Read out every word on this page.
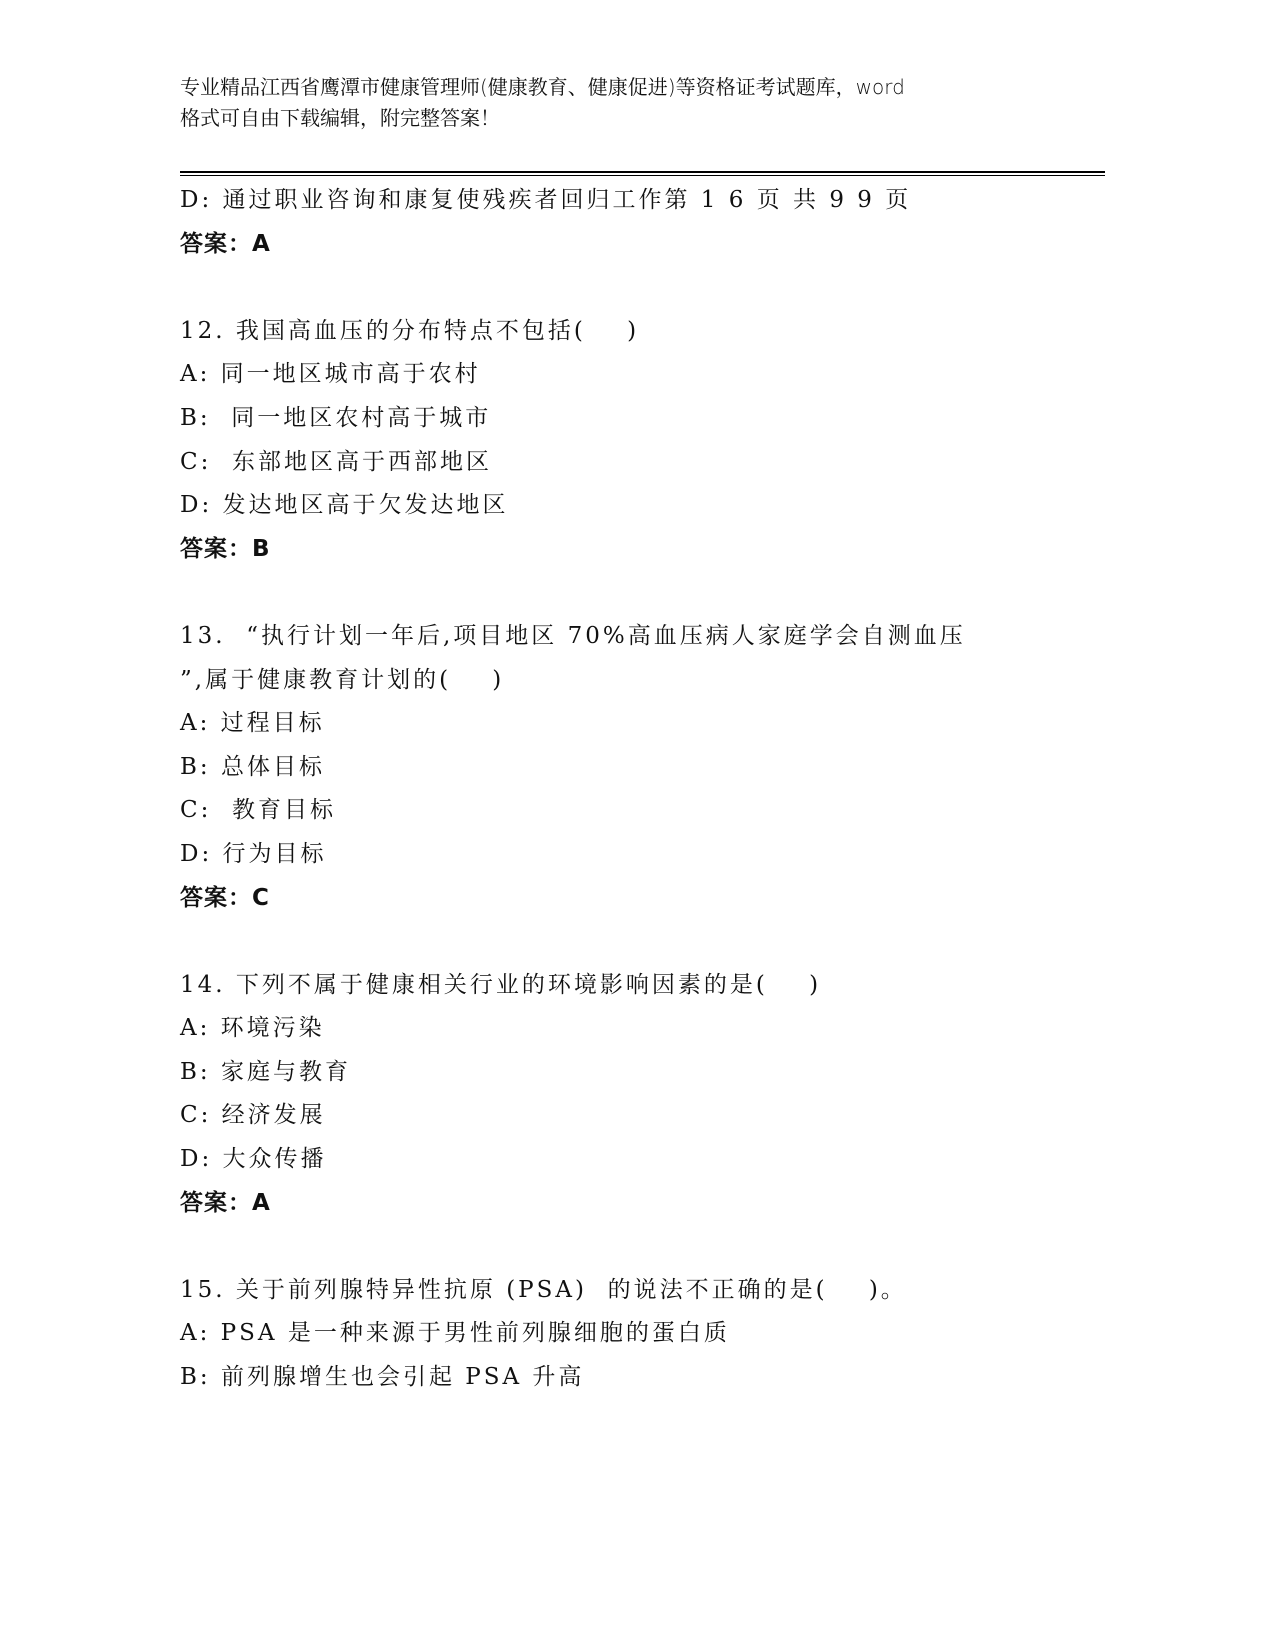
专业精品江西省鹰潭市健康管理师(健康教育、健康促进)等资格证考试题库，word
格式可自由下载编辑，附完整答案！
D: 通过职业咨询和康复使残疾者回归工作第 1 6 页 共 9 9 页
答案：A
12. 我国高血压的分布特点不包括(    )
A: 同一地区城市高于农村
B:  同一地区农村高于城市
C:  东部地区高于西部地区
D: 发达地区高于欠发达地区
答案：B
13.  “执行计划一年后,项目地区 70%高血压病人家庭学会自测血压
”,属于健康教育计划的(    )
A: 过程目标
B: 总体目标
C:  教育目标
D: 行为目标
答案：C
14. 下列不属于健康相关行业的环境影响因素的是(    )
A: 环境污染
B: 家庭与教育
C: 经济发展
D: 大众传播
答案：A
15. 关于前列腺特异性抗原 (PSA)  的说法不正确的是(    )。
A: PSA 是一种来源于男性前列腺细胞的蛋白质
B: 前列腺增生也会引起 PSA 升高
